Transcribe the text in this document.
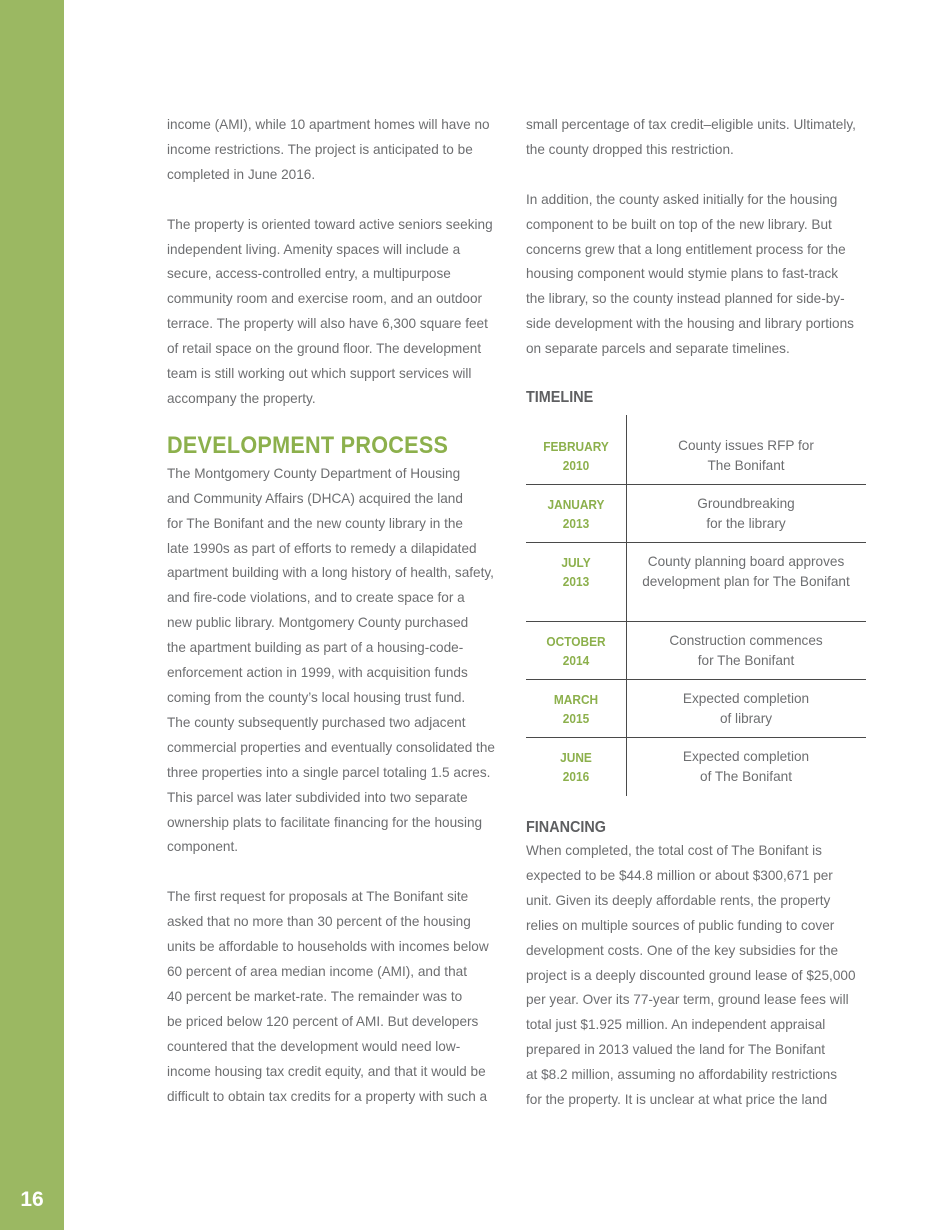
16

income (AMI), while 10 apartment homes will have no

income restrictions. The project is anticipated to be

completed in June 2016.

The property is oriented toward active seniors seeking

independent living. Amenity spaces will include a

secure, access-controlled entry, a multipurpose

community room and exercise room, and an outdoor

terrace. The property will also have 6,300 square feet

of retail space on the ground floor. The development

team is still working out which support services will

accompany the property.

DEVELOPMENT PROCESS

The Montgomery County Department of Housing

and Community Affairs (DHCA) acquired the land

for The Bonifant and the new county library in the

late 1990s as part of efforts to remedy a dilapidated

apartment building with a long history of health, safety,

and fire-code violations, and to create space for a

new public library. Montgomery County purchased

the apartment building as part of a housing-code-

enforcement action in 1999, with acquisition funds

coming from the county’s local housing trust fund.

The county subsequently purchased two adjacent

commercial properties and eventually consolidated the

three properties into a single parcel totaling 1.5 acres.

This parcel was later subdivided into two separate

ownership plats to facilitate financing for the housing

component.

The first request for proposals at The Bonifant site

asked that no more than 30 percent of the housing

units be affordable to households with incomes below

60 percent of area median income (AMI), and that

40 percent be market-rate. The remainder was to

be priced below 120 percent of AMI. But developers

countered that the development would need low-

income housing tax credit equity, and that it would be

difficult to obtain tax credits for a property with such a

small percentage of tax credit–eligible units. Ultimately,

the county dropped this restriction.

In addition, the county asked initially for the housing

component to be built on top of the new library. But

concerns grew that a long entitlement process for the

housing component would stymie plans to fast-track

the library, so the county instead planned for side-by-

side development with the housing and library portions

on separate parcels and separate timelines.

TIMELINE
FEBRUARY
2010
County issues RFP for
The Bonifant
JANUARY
2013
Groundbreaking
for the library
JULY
2013
County planning board approves
development plan for The Bonifant
OCTOBER
2014
Construction commences
for The Bonifant
MARCH
2015
Expected completion
of library
JUNE
2016
Expected completion
of The Bonifant
FINANCING

When completed, the total cost of The Bonifant is

expected to be $44.8 million or about $300,671 per

unit. Given its deeply affordable rents, the property

relies on multiple sources of public funding to cover

development costs. One of the key subsidies for the

project is a deeply discounted ground lease of $25,000

per year. Over its 77-year term, ground lease fees will

total just $1.925 million. An independent appraisal

prepared in 2013 valued the land for The Bonifant

at $8.2 million, assuming no affordability restrictions

for the property. It is unclear at what price the land
